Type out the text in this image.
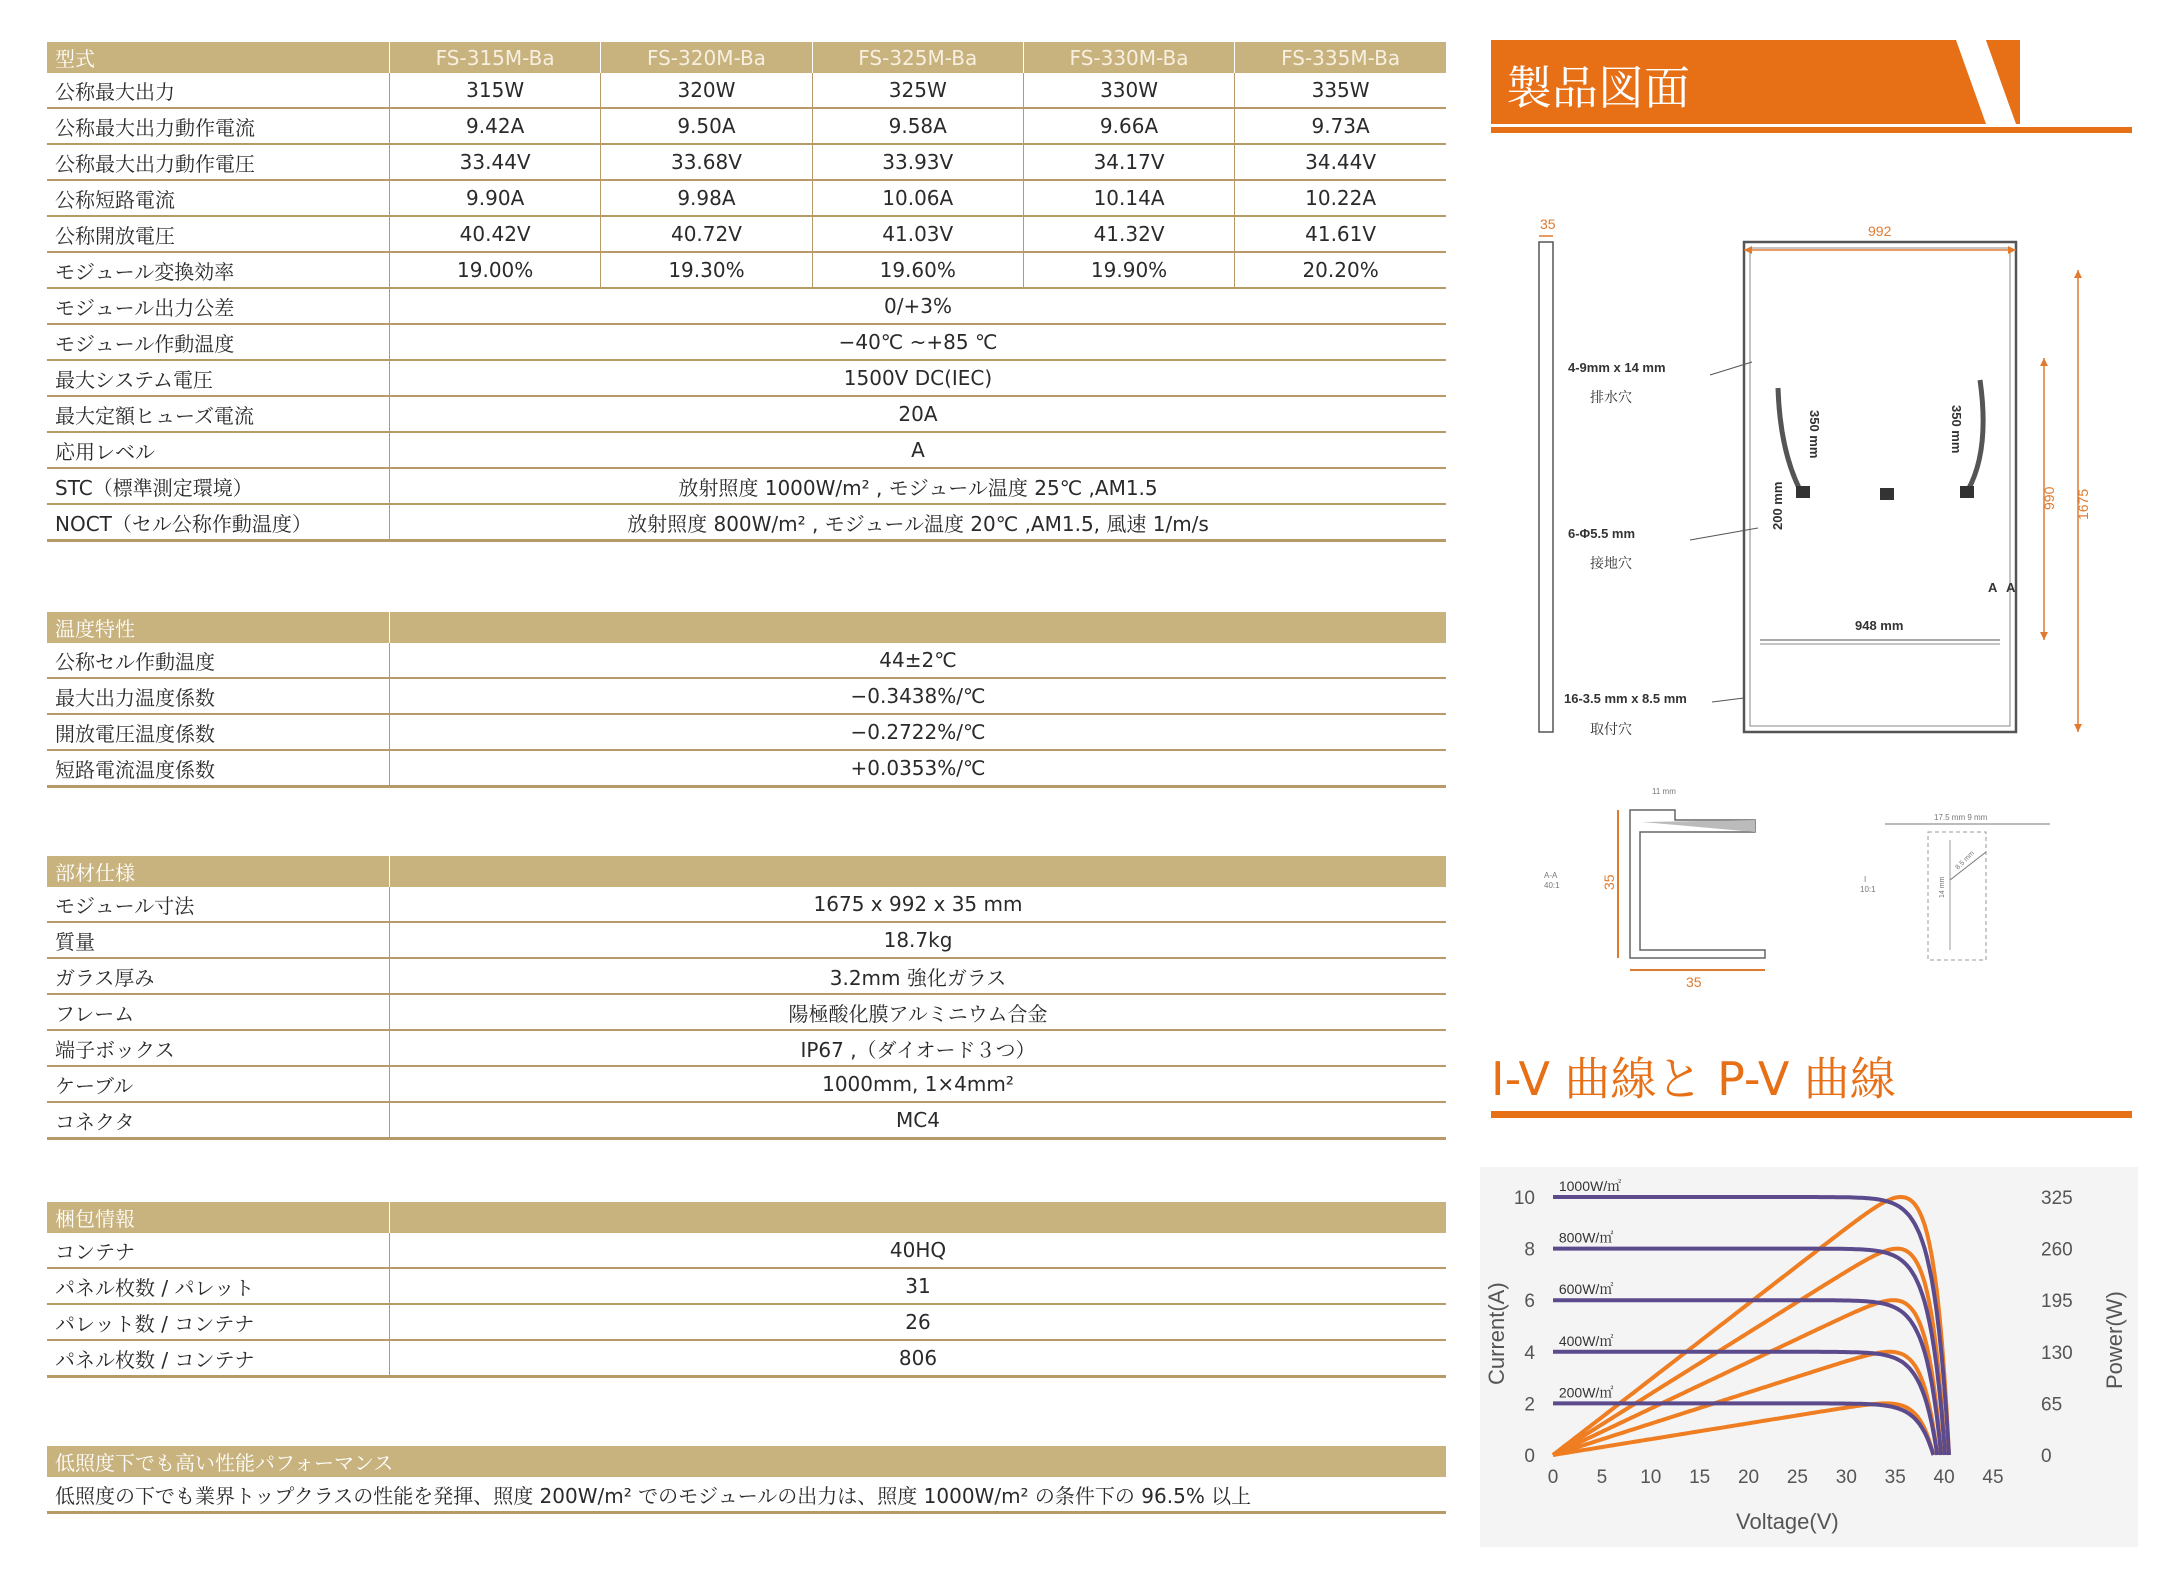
型式	FS-315M-Ba	FS-320M-Ba	FS-325M-Ba	FS-330M-Ba	FS-335M-Ba
公称最大出力	315W	320W	325W	330W	335W
公称最大出力動作電流	9.42A	9.50A	9.58A	9.66A	9.73A
公称最大出力動作電圧	33.44V	33.68V	33.93V	34.17V	34.44V
公称短路電流	9.90A	9.98A	10.06A	10.14A	10.22A
公称開放電圧	40.42V	40.72V	41.03V	41.32V	41.61V
モジュール変換効率	19.00%	19.30%	19.60%	19.90%	20.20%
モジュール出力公差	0/+3%				
モジュール作動温度	−40℃ ~+85 ℃				
最大システム電圧	1500V DC(IEC)				
最大定額ヒューズ電流	20A				
応用レベル	A				
STC（標準測定環境）	放射照度 1000W/m² , モジュール温度 25℃ ,AM1.5				
NOCT（セル公称作動温度）	放射照度 800W/m² , モジュール温度 20℃ ,AM1.5, 風速 1/m/s				
温度特性	
公称セル作動温度	44±2℃
最大出力温度係数	−0.3438%/℃
開放電圧温度係数	−0.2722%/℃
短路電流温度係数	+0.0353%/℃
部材仕様	
モジュール寸法	1675 x 992 x 35 mm
質量	18.7kg
ガラス厚み	3.2mm 強化ガラス
フレーム	陽極酸化膜アルミニウム合金
端子ボックス	IP67 ,（ダイオード３つ）
ケーブル	1000mm, 1×4mm²
コネクタ	MC4
梱包情報	
コンテナ	40HQ
パネル枚数 / パレット	31
パレット数 / コンテナ	26
パネル枚数 / コンテナ	806
低照度下でも高い性能パフォーマンス
低照度の下でも業界トップクラスの性能を発揮、照度 200W/m² でのモジュールの出力は、照度 1000W/m² の条件下の 96.5% 以上
製品図面
35	992
1675
990
948 mm
350 mm	350 mm
200 mm
A A
4-9mm x 14 mm
排水穴
6-Φ5.5 mm
接地穴
16-3.5 mm x 8.5 mm
取付穴
35
35
11 mm
A-A
40:1
17.5 mm 9 mm
I
10:1	14 mm
8.5 mm
I-V 曲線と P-V 曲線
0 5 10 15 20 25 30 35 40 45
0
2
4
6
8
10
0
65
130
195
260
325
1000W/㎡
800W/㎡
600W/㎡
400W/㎡
200W/㎡
Voltage(V)
Current(A)	Power(W)
